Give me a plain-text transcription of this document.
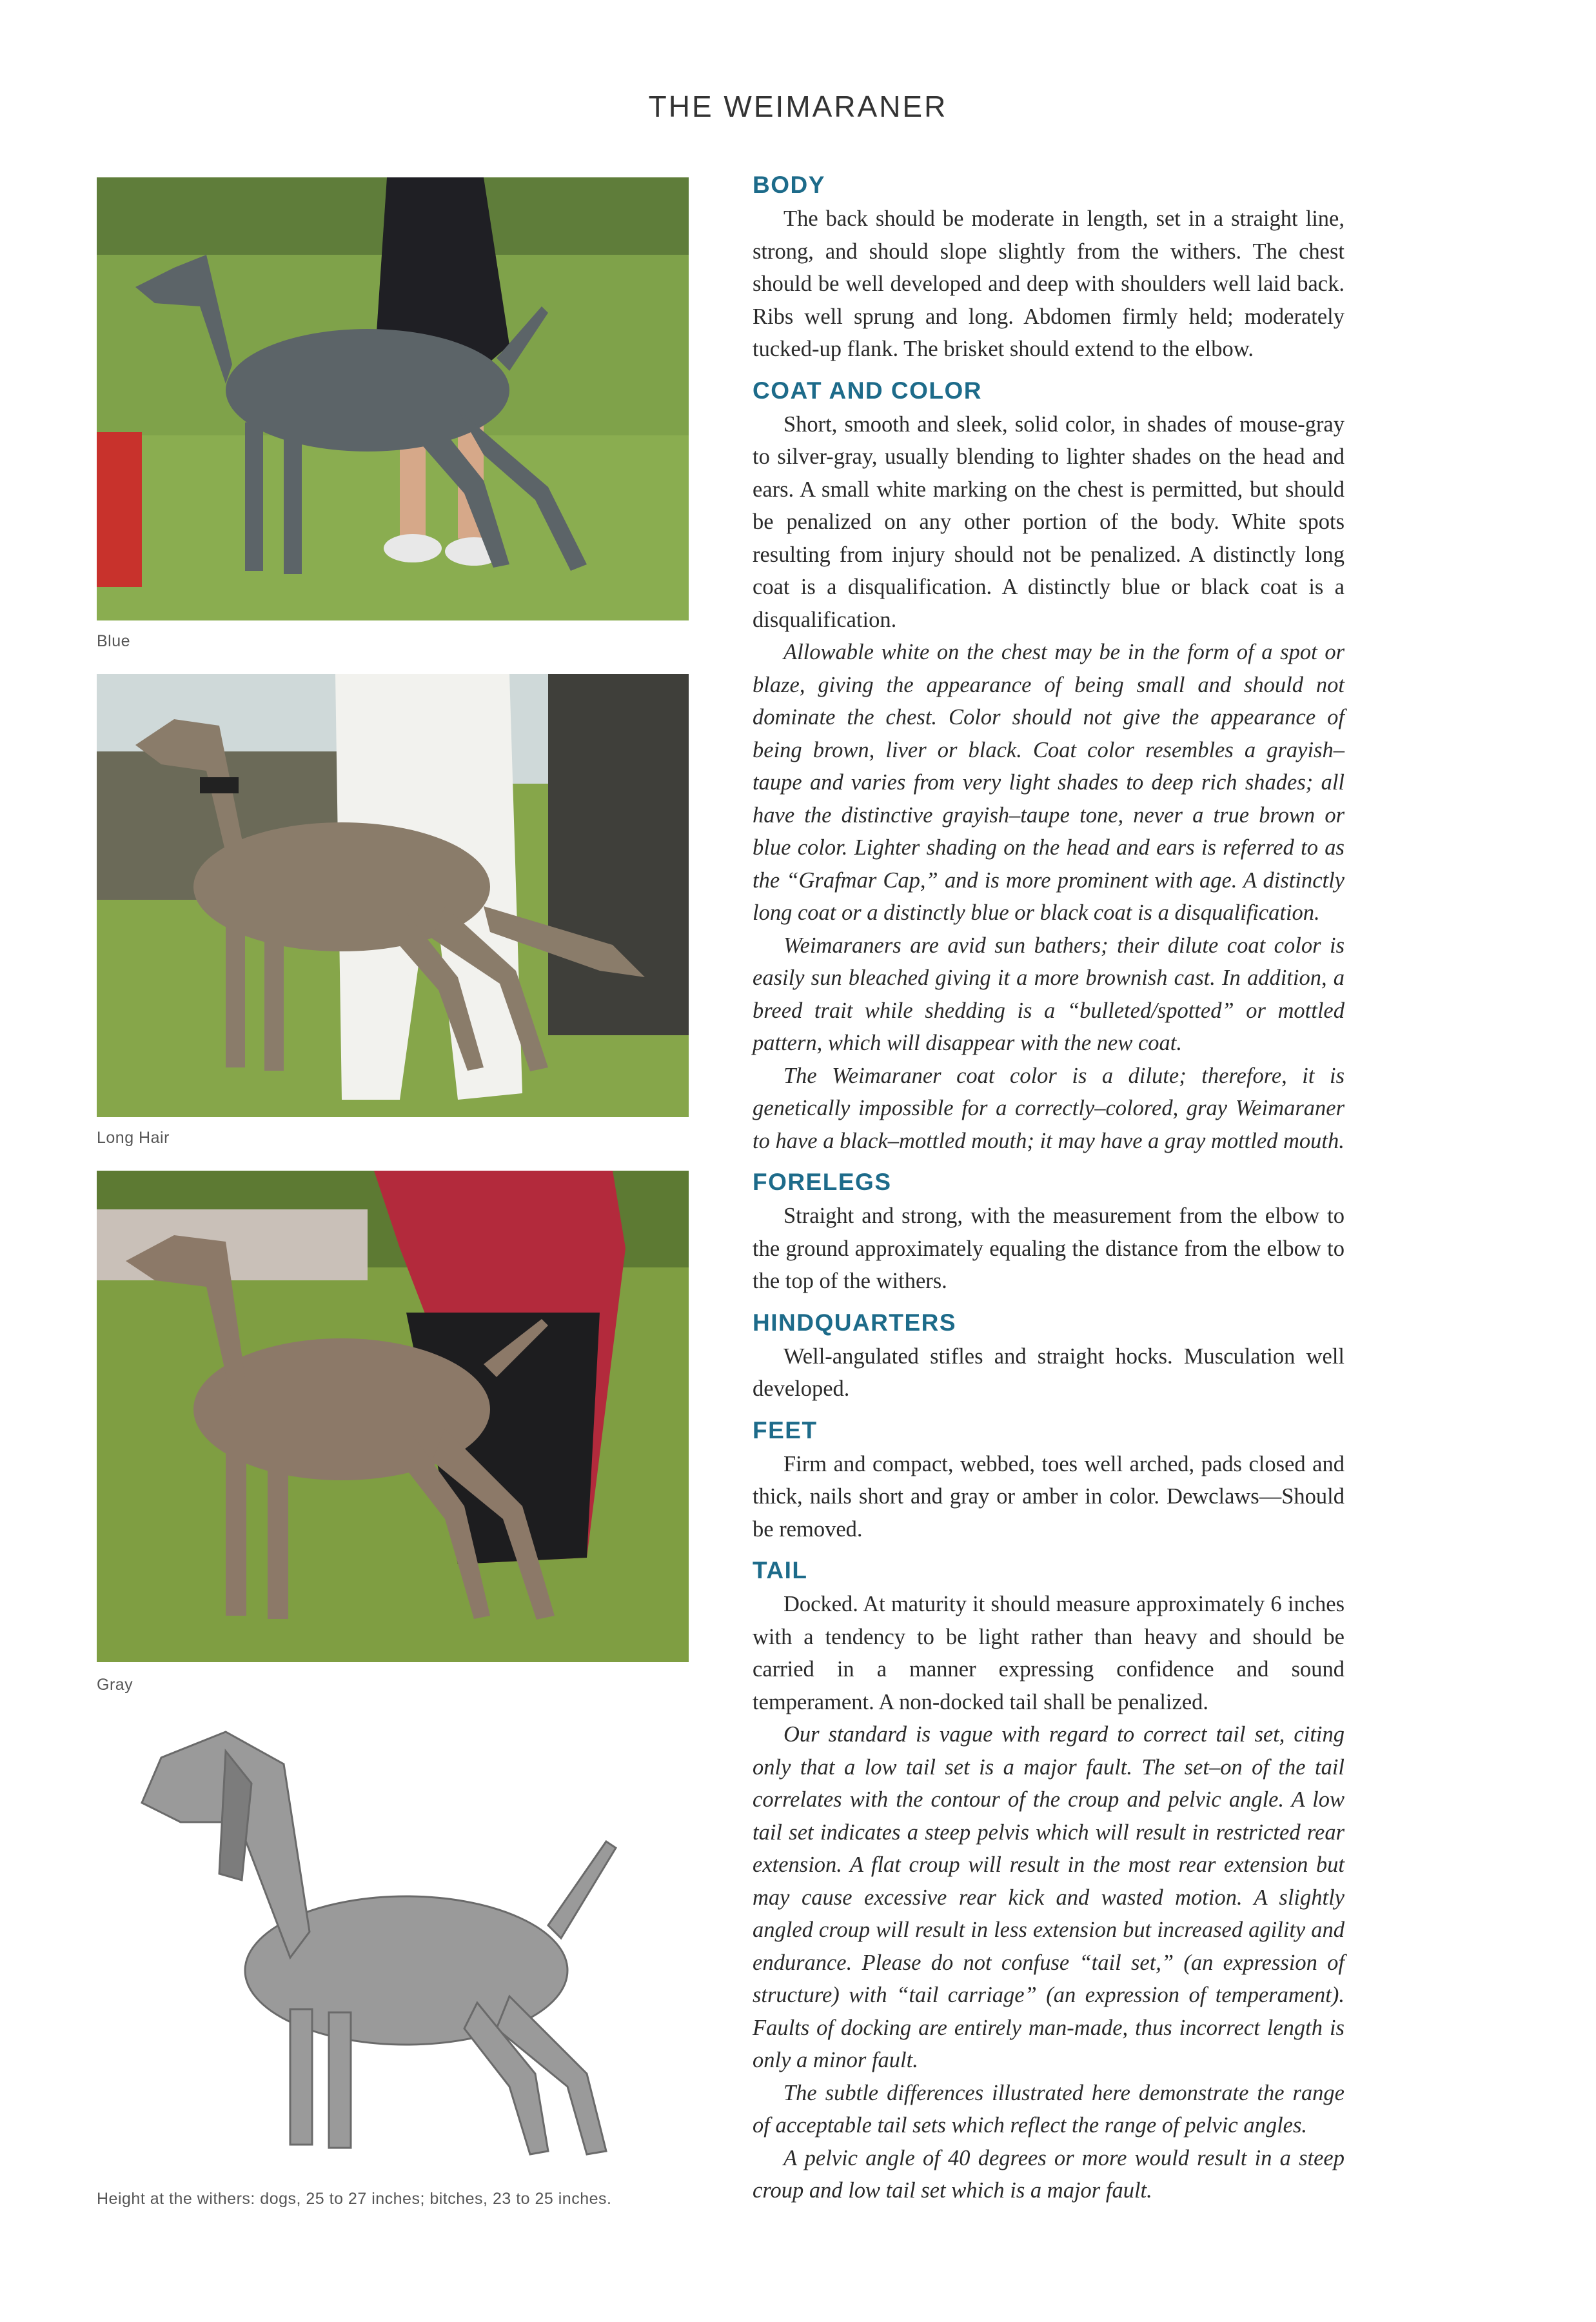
THE WEIMARANER
Blue
Long Hair
Gray
Height at the withers: dogs, 25 to 27 inches; bitches, 23 to 25 inches.
BODY

The back should be moderate in length, set in a straight line, strong, and should slope slightly from the withers. The chest should be well developed and deep with shoulders well laid back. Ribs well sprung and long. Abdomen firmly held; moderately tucked-up flank. The brisket should extend to the elbow.

COAT AND COLOR

Short, smooth and sleek, solid color, in shades of mouse-gray to silver-gray, usually blending to lighter shades on the head and ears. A small white marking on the chest is permitted, but should be penalized on any other portion of the body. White spots resulting from injury should not be penalized. A distinctly long coat is a disqualification. A distinctly blue or black coat is a disqualification.

Allowable white on the chest may be in the form of a spot or blaze, giving the appearance of being small and should not dominate the chest. Color should not give the appearance of being brown, liver or black. Coat color resembles a grayish–taupe and varies from very light shades to deep rich shades; all have the distinctive grayish–taupe tone, never a true brown or blue color. Lighter shading on the head and ears is referred to as the “Grafmar Cap,” and is more prominent with age. A distinctly long coat or a distinctly blue or black coat is a disqualification.

Weimaraners are avid sun bathers; their dilute coat color is easily sun bleached giving it a more brownish cast. In addition, a breed trait while shedding is a “bulleted/spotted” or mottled pattern, which will disappear with the new coat.

The Weimaraner coat color is a dilute; therefore, it is genetically impossible for a correctly–colored, gray Weimaraner to have a black–mottled mouth; it may have a gray mottled mouth.

FORELEGS

Straight and strong, with the measurement from the elbow to the ground approximately equaling the distance from the elbow to the top of the withers.

HINDQUARTERS

Well-angulated stifles and straight hocks. Musculation well developed.

FEET

Firm and compact, webbed, toes well arched, pads closed and thick, nails short and gray or amber in color. Dewclaws—Should be removed.

TAIL

Docked. At maturity it should measure approximately 6 inches with a tendency to be light rather than heavy and should be carried in a manner expressing confidence and sound temperament. A non-docked tail shall be penalized.

Our standard is vague with regard to correct tail set, citing only that a low tail set is a major fault. The set–on of the tail correlates with the contour of the croup and pelvic angle. A low tail set indicates a steep pelvis which will result in restricted rear extension. A flat croup will result in the most rear extension but may cause excessive rear kick and wasted motion. A slightly angled croup will result in less extension but increased agility and endurance. Please do not confuse “tail set,” (an expression of structure) with “tail carriage” (an expression of temperament). Faults of docking are entirely man-made, thus incorrect length is only a minor fault.

The subtle differences illustrated here demonstrate the range of acceptable tail sets which reflect the range of pelvic angles.

A pelvic angle of 40 degrees or more would result in a steep croup and low tail set which is a major fault.
